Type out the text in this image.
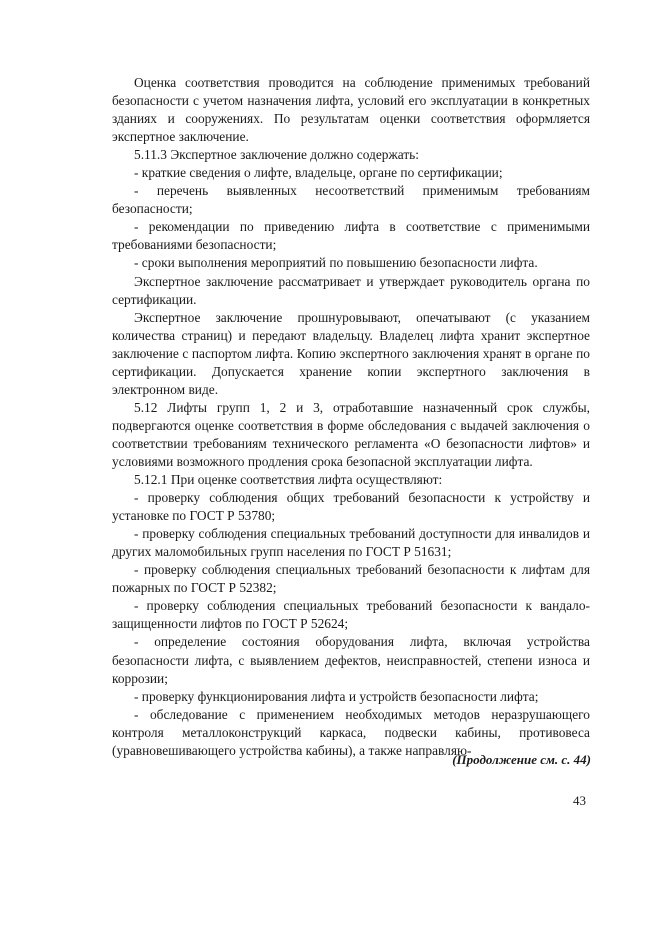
Оценка соответствия проводится на соблюдение применимых требований безопасности с учетом назначения лифта, условий его эксплуатации в конкретных зданиях и сооружениях. По результатам оценки соответствия оформляется экспертное заключение.

5.11.3 Экспертное заключение должно содержать:

- краткие сведения о лифте, владельце, органе по сертификации;

- перечень выявленных несоответствий применимым требованиям безопасности;

- рекомендации по приведению лифта в соответствие с применимыми требованиями безопасности;

- сроки выполнения мероприятий по повышению безопасности лифта.

Экспертное заключение рассматривает и утверждает руководитель органа по сертификации.

Экспертное заключение прошнуровывают, опечатывают (с указанием количества страниц) и передают владельцу. Владелец лифта хранит экспертное заключение с паспортом лифта. Копию экспертного заключения хранят в органе по сертификации. Допускается хранение копии экспертного заключения в электронном виде.

5.12 Лифты групп 1, 2 и 3, отработавшие назначенный срок службы, подвергаются оценке соответствия в форме обследования с выдачей заключения о соответствии требованиям технического регламента «О безопасности лифтов» и условиями возможного продления срока безопасной эксплуатации лифта.

5.12.1 При оценке соответствия лифта осуществляют:

- проверку соблюдения общих требований безопасности к устройству и установке по ГОСТ Р 53780;

- проверку соблюдения специальных требований доступности для инвалидов и других маломобильных групп населения по ГОСТ Р 51631;

- проверку соблюдения специальных требований безопасности к лифтам для пожарных по ГОСТ Р 52382;

- проверку соблюдения специальных требований безопасности к вандало-защищенности лифтов по ГОСТ Р 52624;

- определение состояния оборудования лифта, включая устройства безопасности лифта, с выявлением дефектов, неисправностей, степени износа и коррозии;

- проверку функционирования лифта и устройств безопасности лифта;

- обследование с применением необходимых методов неразрушающего контроля металлоконструкций каркаса, подвески кабины, противовеса (уравновешивающего устройства кабины), а также направляю-

(Продолжение см. с. 44)
43
